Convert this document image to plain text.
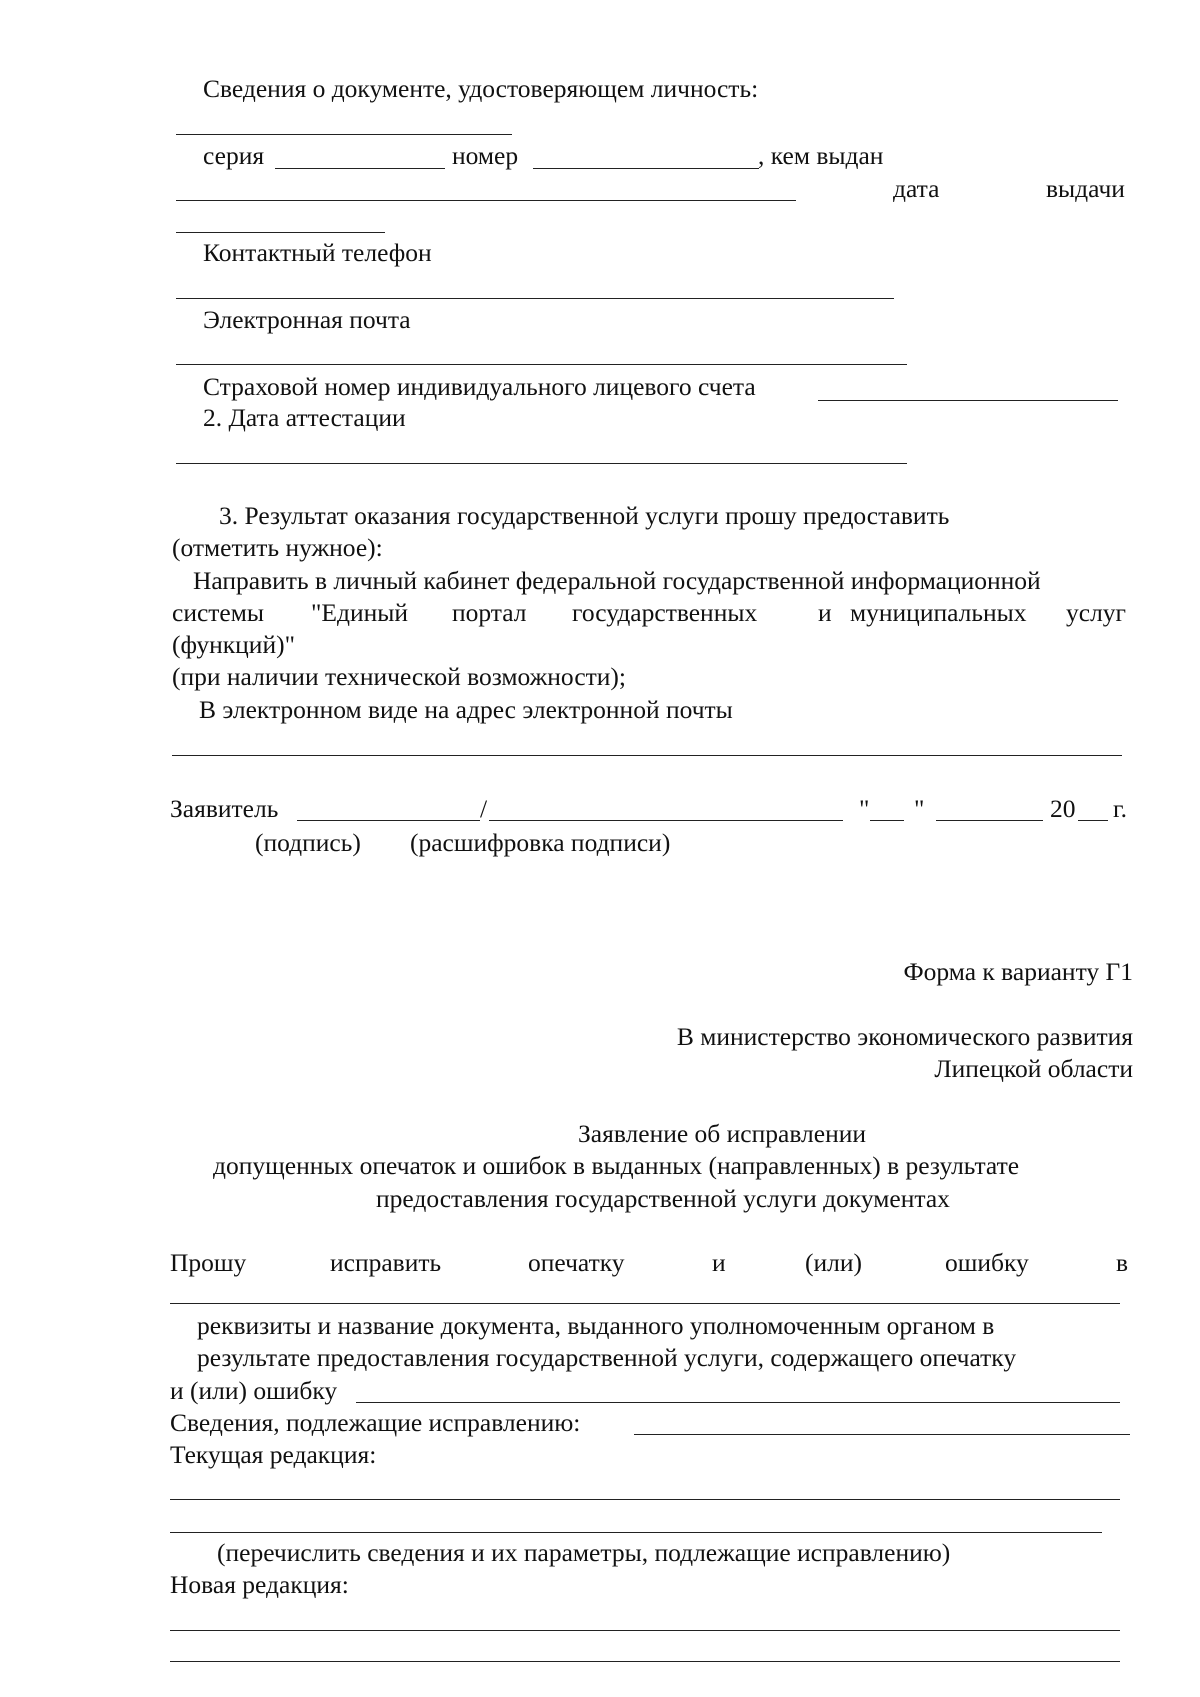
Сведения о документе, удостоверяющем личность:
серия	номер	, кем выдан
дата	выдачи
Контактный телефон
Электронная почта
Страховой номер индивидуального лицевого счета
2. Дата аттестации
3. Результат оказания государственной услуги прошу предоставить
(отметить нужное):
Направить в личный кабинет федеральной государственной информационной
системы "Единый портал государственных и муниципальных услуг
(функций)"
(при наличии технической возможности);
В электронном виде на адрес электронной почты
Заявитель	/	" "	20 г.
(подпись) (расшифровка подписи)
Форма к варианту Г1
В министерство экономического развития
Липецкой области
Заявление об исправлении
допущенных опечаток и ошибок в выданных (направленных) в результате
предоставления государственной услуги документах
Прошу	исправить	опечатку	и	(или)	ошибку	в
реквизиты и название документа, выданного уполномоченным органом в
результате предоставления государственной услуги, содержащего опечатку
и (или) ошибку
Сведения, подлежащие исправлению:
Текущая редакция:
(перечислить сведения и их параметры, подлежащие исправлению)
Новая редакция:
